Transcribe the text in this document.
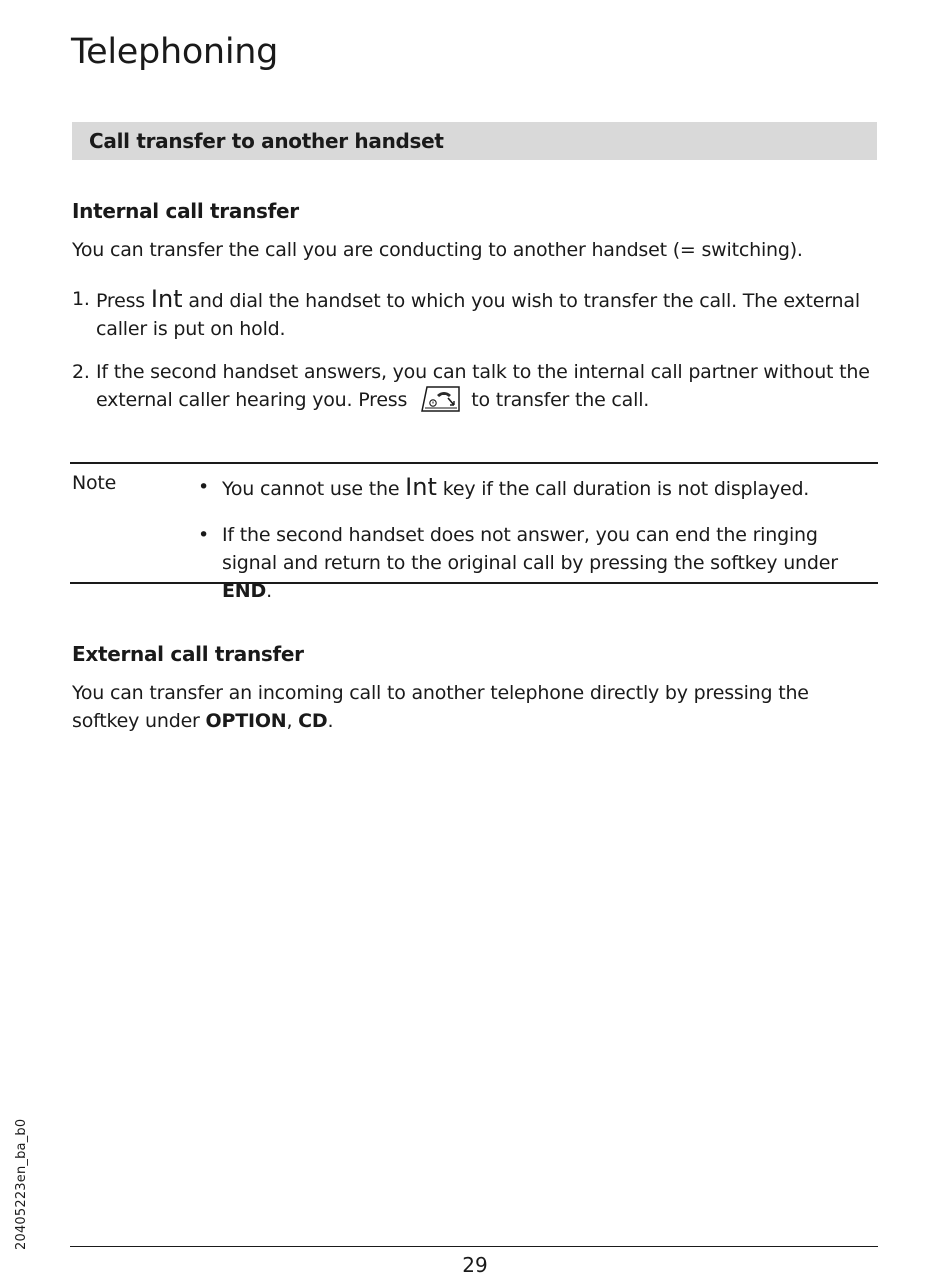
Telephoning
Call transfer to another handset
Internal call transfer
You can transfer the call you are conducting to another handset (= switching).
1. Press Int and dial the handset to which you wish to transfer the call. The external caller is put on hold.
2. If the second handset answers, you can talk to the internal call partner without the external caller hearing you. Press	to transfer the call.
Note	• You cannot use the Int key if the call duration is not displayed.
• If the second handset does not answer, you can end the ringing signal and return to the original call by pressing the softkey under END.
External call transfer
You can transfer an incoming call to another telephone directly by pressing the softkey under OPTION, CD.
20405223en_ba_b0
29
